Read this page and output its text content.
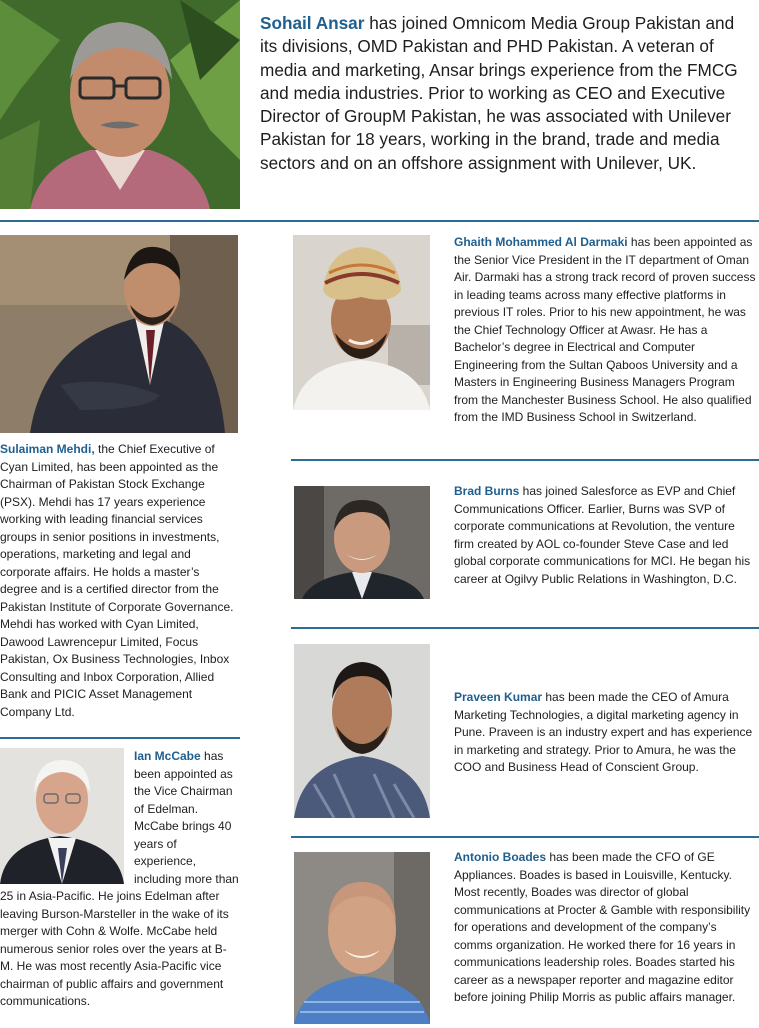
Sohail Ansar has joined Omnicom Media Group Pakistan and its divisions, OMD Pakistan and PHD Pakistan. A veteran of media and marketing, Ansar brings experience from the FMCG and media industries. Prior to working as CEO and Executive Director of GroupM Pakistan, he was associated with Unilever Pakistan for 18 years, working in the brand, trade and media sectors and on an offshore assignment with Unilever, UK.

Sulaiman Mehdi, the Chief Executive of Cyan Limited, has been appointed as the Chairman of Pakistan Stock Exchange (PSX). Mehdi has 17 years experience working with leading financial services groups in senior positions in investments, operations, marketing and legal and corporate affairs. He holds a master’s degree and is a certified director from the Pakistan Institute of Corporate Governance. Mehdi has worked with Cyan Limited, Dawood Lawrencepur Limited, Focus Pakistan, Ox Business Technologies, Inbox Consulting and Inbox Corporation, Allied Bank and PICIC Asset Management Company Ltd.

Ian McCabe has been appointed as the Vice Chairman of Edelman. McCabe brings 40 years of experience, including more than 25 in Asia-Pacific. He joins Edelman after leaving Burson-Marsteller in the wake of its merger with Cohn & Wolfe. McCabe held numerous senior roles over the years at B-M. He was most recently Asia-Pacific vice chairman of public affairs and government communications.

Ghaith Mohammed Al Darmaki has been appointed as the Senior Vice President in the IT department of Oman Air. Darmaki has a strong track record of proven success in leading teams across many effective platforms in previous IT roles. Prior to his new appointment, he was the Chief Technology Officer at Awasr. He has a Bachelor’s degree in Electrical and Computer Engineering from the Sultan Qaboos University and a Masters in Engineering Business Managers Program from the Manchester Business School. He also qualified from the IMD Business School in Switzerland.

Brad Burns has joined Salesforce as EVP and Chief Communications Officer. Earlier, Burns was SVP of corporate communications at Revolution, the venture firm created by AOL co-founder Steve Case and led global corporate communications for MCI. He began his career at Ogilvy Public Relations in Washington, D.C.

Praveen Kumar has been made the CEO of Amura Marketing Technologies, a digital marketing agency in Pune. Praveen is an industry expert and has experience in marketing and strategy. Prior to Amura, he was the COO and Business Head of Conscient Group.

Antonio Boades has been made the CFO of GE Appliances. Boades is based in Louisville, Kentucky. Most recently, Boades was director of global communications at Procter & Gamble with responsibility for operations and development of the company’s comms organization. He worked there for 16 years in communications leadership roles. Boades started his career as a newspaper reporter and magazine editor before joining Philip Morris as public affairs manager.
